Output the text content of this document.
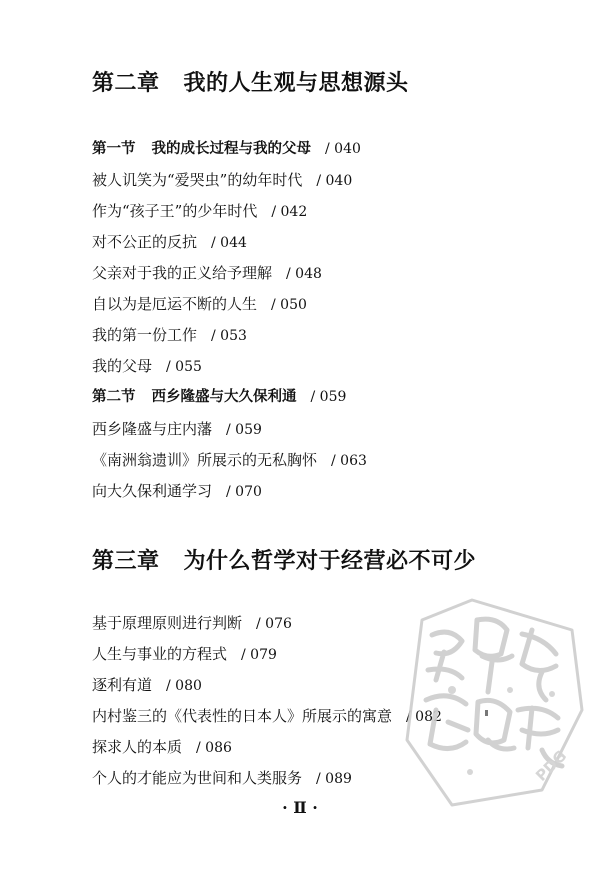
第二章 我的人生观与思想源头
第一节 我的成长过程与我的父母 / 040
被人讥笑为“爱哭虫”的幼年时代 / 040
作为“孩子王”的少年时代 / 042
对不公正的反抗 / 044
父亲对于我的正义给予理解 / 048
自以为是厄运不断的人生 / 050
我的第一份工作 / 053
我的父母 / 055
第二节 西乡隆盛与大久保利通 / 059
西乡隆盛与庄内藩 / 059
《南洲翁遗训》所展示的无私胸怀 / 063
向大久保利通学习 / 070
第三章 为什么哲学对于经营必不可少
基于原理原则进行判断 / 076
人生与事业的方程式 / 079
逐利有道 / 080
内村鉴三的《代表性的日本人》所展示的寓意 / 082
探求人的本质 / 086
个人的才能应为世间和人类服务 / 089
· Ⅱ ·
PDG
